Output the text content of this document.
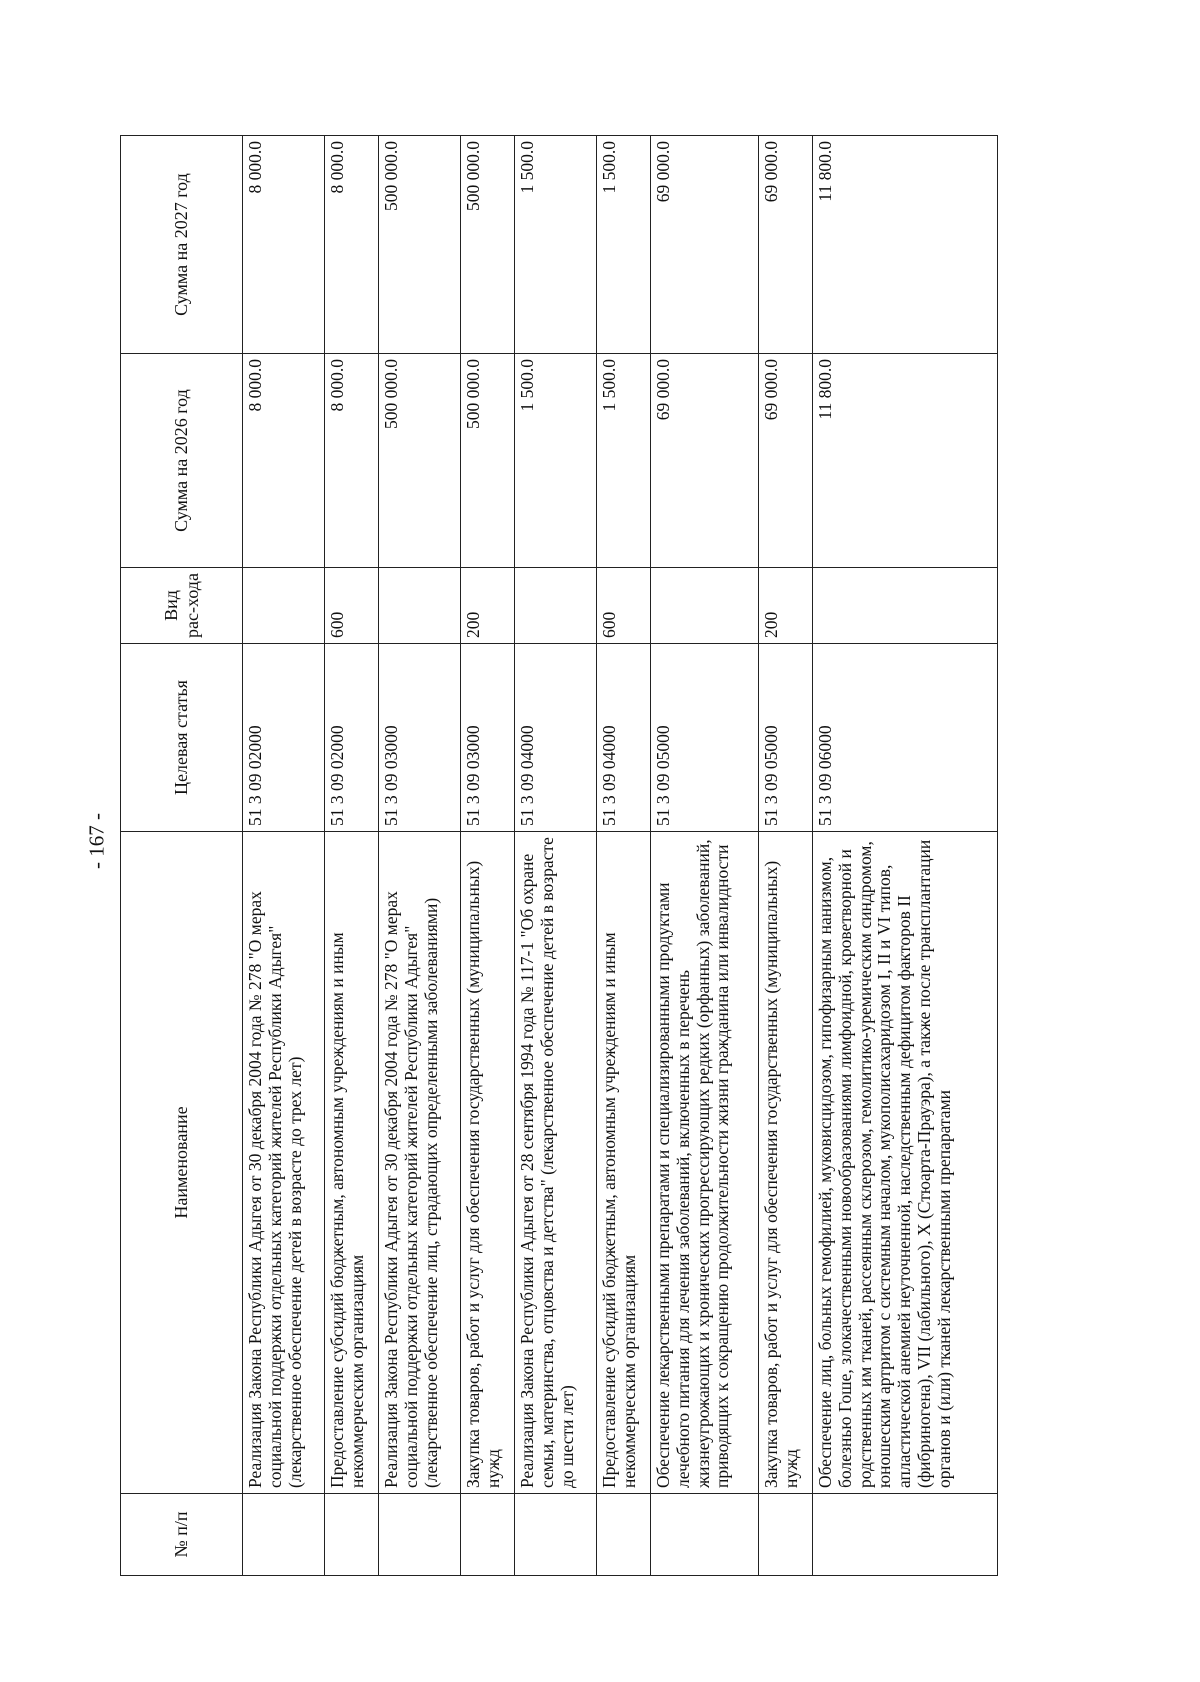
- 167 -
№ п/п	Наименование	Целевая статья	Вид рас-хода	Сумма на 2026 год	Сумма на 2027 год
	Реализация Закона Республики Адыгея от 30 декабря 2004 года № 278 "О мерах социальной поддержки отдельных категорий жителей Республики Адыгея" (лекарственное обеспечение детей в возрасте до трех лет)	51 3 09 02000		8 000.0	8 000.0
	Предоставление субсидий бюджетным, автономным учреждениям и иным некоммерческим организациям	51 3 09 02000	600	8 000.0	8 000.0
	Реализация Закона Республики Адыгея от 30 декабря 2004 года № 278 "О мерах социальной поддержки отдельных категорий жителей Республики Адыгея" (лекарственное обеспечение лиц, страдающих определенными заболеваниями)	51 3 09 03000		500 000.0	500 000.0
	Закупка товаров, работ и услуг для обеспечения государственных (муниципальных) нужд	51 3 09 03000	200	500 000.0	500 000.0
	Реализация Закона Республики Адыгея от 28 сентября 1994 года № 117-1 "Об охране семьи, материнства, отцовства и детства" (лекарственное обеспечение детей в возрасте до шести лет)	51 3 09 04000		1 500.0	1 500.0
	Предоставление субсидий бюджетным, автономным учреждениям и иным некоммерческим организациям	51 3 09 04000	600	1 500.0	1 500.0
	Обеспечение лекарственными препаратами и специализированными продуктами лечебного питания для лечения заболеваний, включенных в перечень жизнеугрожающих и хронических прогрессирующих редких (орфанных) заболеваний, приводящих к сокращению продолжительности жизни гражданина или инвалидности	51 3 09 05000		69 000.0	69 000.0
	Закупка товаров, работ и услуг для обеспечения государственных (муниципальных) нужд	51 3 09 05000	200	69 000.0	69 000.0
	Обеспечение лиц, больных гемофилией, муковисцидозом, гипофизарным нанизмом, болезнью Гоше, злокачественными новообразованиями лимфоидной, кроветворной и родственных им тканей, рассеянным склерозом, гемолитико-уремическим синдромом, юношеским артритом с системным началом, мукополисахаридозом I, II и VI типов, апластической анемией неуточненной, наследственным дефицитом факторов II (фибриногена), VII (лабильного), X (Стюарта-Прауэра), а также после трансплантации органов и (или) тканей лекарственными препаратами	51 3 09 06000		11 800.0	11 800.0
